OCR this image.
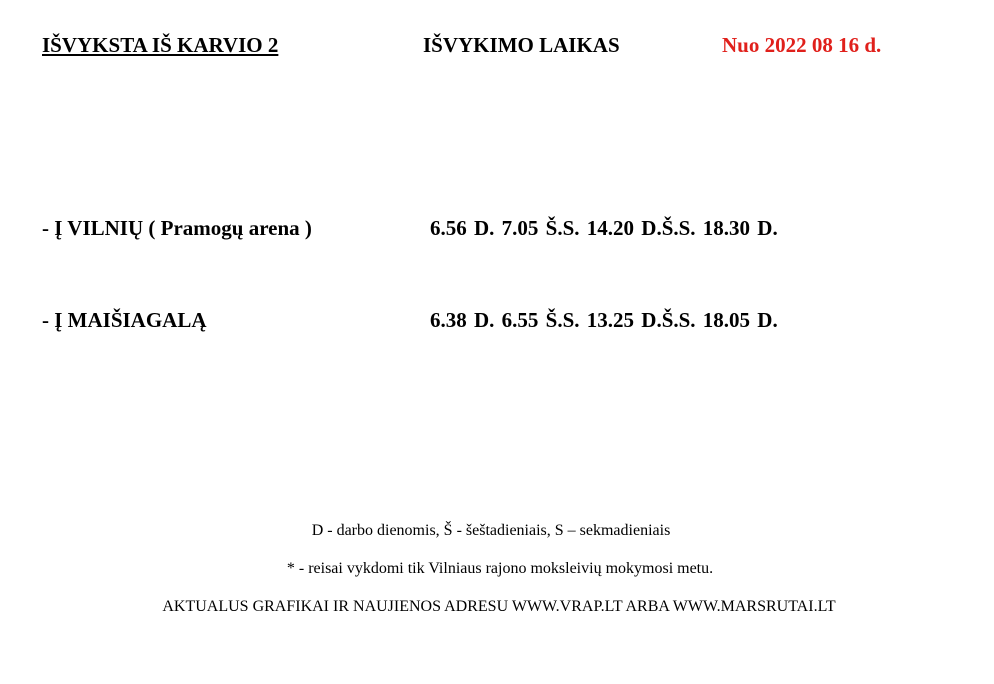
IŠVYKSTA IŠ KARVIO 2	IŠVYKIMO LAIKAS	Nuo 2022 08 16 d.
- Į VILNIŲ ( Pramogų arena )	6.56 D. 7.05 Š.S. 14.20 D.Š.S. 18.30 D.
- Į MAIŠIAGALĄ	6.38 D. 6.55 Š.S. 13.25 D.Š.S. 18.05 D.
D - darbo dienomis, Š - šeštadieniais, S – sekmadieniais
* - reisai vykdomi tik Vilniaus rajono moksleivių mokymosi metu.
AKTUALUS GRAFIKAI IR NAUJIENOS ADRESU WWW.VRAP.LT ARBA WWW.MARSRUTAI.LT
